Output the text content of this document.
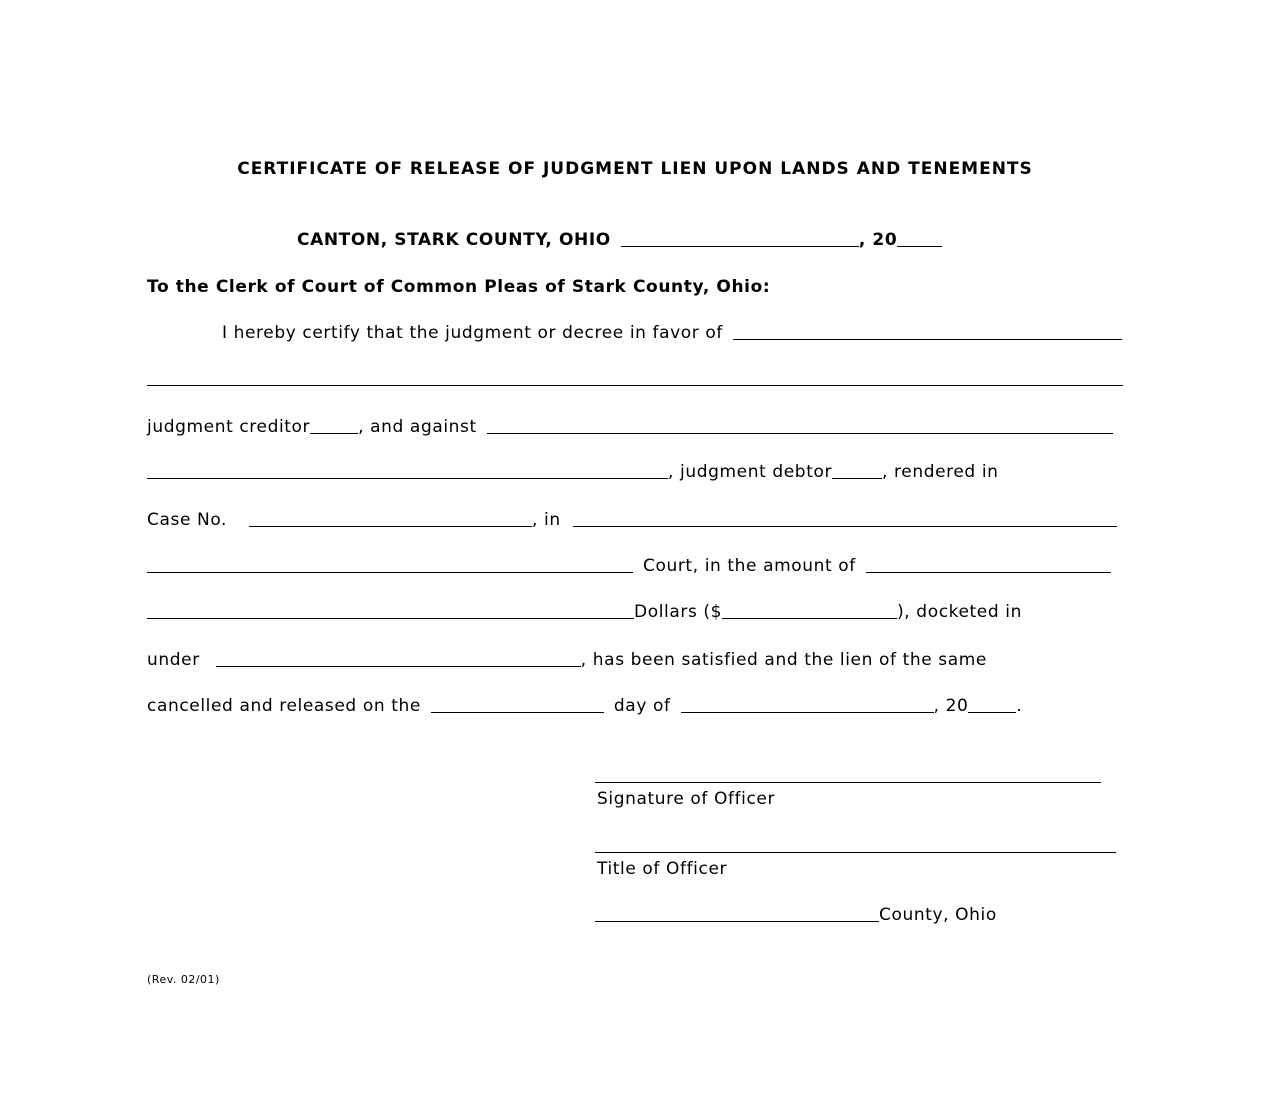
CERTIFICATE OF RELEASE OF JUDGMENT LIEN UPON LANDS AND TENEMENTS
CANTON, STARK COUNTY, OHIO	, 20
To the Clerk of Court of Common Pleas of Stark County, Ohio:
I hereby certify that the judgment or decree in favor of
judgment creditor	, and against
, judgment debtor	, rendered in
Case No.	, in
Court, in the amount of
Dollars ($	), docketed in
under	, has been satisfied and the lien of the same
cancelled and released on the	day of	, 20	.
Signature of Officer
Title of Officer
County, Ohio
(Rev. 02/01)
